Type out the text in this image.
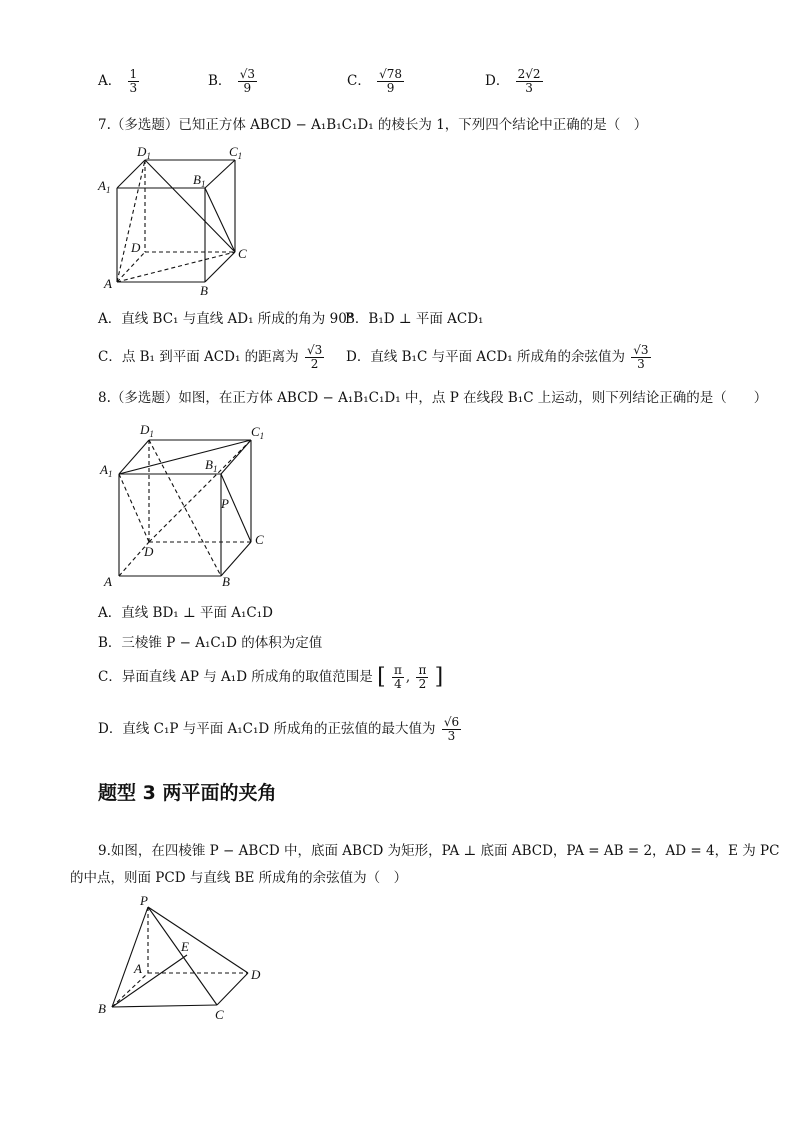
A． $\frac{1}{3}$	B． $\frac{√3}{9}$	C． $\frac{√78}{9}$	D． $\frac{2√2}{3}$
7.（多选题）已知正方体 ABCD − A₁B₁C₁D₁ 的棱长为 1，下列四个结论中正确的是（　）
$D_1$	$C_1$
$A_1$
$B_1$
D	C
A	B
A．直线 BC₁ 与直线 AD₁ 所成的角为 90°
B．B₁D ⊥ 平面 ACD₁
C．点 B₁ 到平面 ACD₁ 的距离为 $\frac{√3}{2}$ D．直线 B₁C 与平面 ACD₁ 所成角的余弦值为 $\frac{√3}{3}$
8.（多选题）如图，在正方体 ABCD − A₁B₁C₁D₁ 中，点 P 在线段 B₁C 上运动，则下列结论正确的是（　　）
$D_1$	$C_1$
$A_1$
$B_1$
P
C
D
A	B
A．直线 BD₁ ⊥ 平面 A₁C₁D
B．三棱锥 P − A₁C₁D 的体积为定值
C．异面直线 AP 与 A₁D 所成角的取值范围是 [ $\frac{\pi}{4}$ , $\frac{\pi}{2}$ ]
D．直线 C₁P 与平面 A₁C₁D 所成角的正弦值的最大值为 $\frac{√6}{3}$
题型 3 两平面的夹角
9.如图，在四棱锥 P − ABCD 中，底面 ABCD 为矩形，PA ⊥ 底面 ABCD，PA = AB = 2，AD = 4，E 为 PC
的中点，则面 PCD 与直线 BE 所成角的余弦值为（　）
P
A
E
D
B	C
